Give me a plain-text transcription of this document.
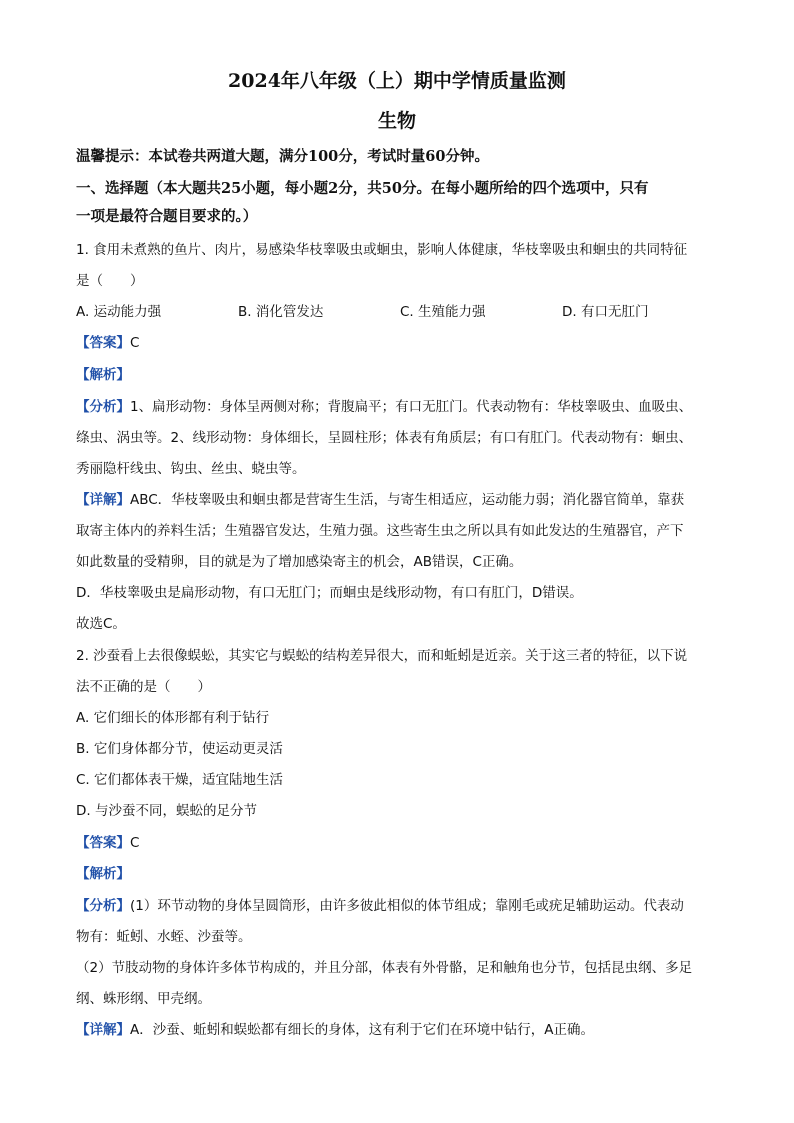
2024年八年级（上）期中学情质量监测
生物
温馨提示：本试卷共两道大题，满分100分，考试时量60分钟。
一、选择题（本大题共25小题，每小题2分，共50分。在每小题所给的四个选项中，只有
一项是最符合题目要求的。）
1. 食用未煮熟的鱼片、肉片，易感染华枝睾吸虫或蛔虫，影响人体健康，华枝睾吸虫和蛔虫的共同特征
是（　　）
A. 运动能力强	B. 消化管发达	C. 生殖能力强	D. 有口无肛门
【答案】C
【解析】
【分析】1、扁形动物：身体呈两侧对称；背腹扁平；有口无肛门。代表动物有：华枝睾吸虫、血吸虫、
绦虫、涡虫等。2、线形动物：身体细长，呈圆柱形；体表有角质层；有口有肛门。代表动物有：蛔虫、
秀丽隐杆线虫、钩虫、丝虫、蛲虫等。
【详解】ABC．华枝睾吸虫和蛔虫都是营寄生生活，与寄生相适应，运动能力弱；消化器官简单，靠获
取寄主体内的养料生活；生殖器官发达，生殖力强。这些寄生虫之所以具有如此发达的生殖器官，产下
如此数量的受精卵，目的就是为了增加感染寄主的机会，AB错误，C正确。
D．华枝睾吸虫是扁形动物，有口无肛门；而蛔虫是线形动物，有口有肛门，D错误。
故选C。
2. 沙蚕看上去很像蜈蚣，其实它与蜈蚣的结构差异很大，而和蚯蚓是近亲。关于这三者的特征，以下说
法不正确的是（　　）
A. 它们细长的体形都有利于钻行
B. 它们身体都分节，使运动更灵活
C. 它们都体表干燥，适宜陆地生活
D. 与沙蚕不同，蜈蚣的足分节
【答案】C
【解析】
【分析】(1）环节动物的身体呈圆筒形，由许多彼此相似的体节组成；靠刚毛或疣足辅助运动。代表动
物有：蚯蚓、水蛭、沙蚕等。
（2）节肢动物的身体许多体节构成的，并且分部，体表有外骨骼，足和触角也分节，包括昆虫纲、多足
纲、蛛形纲、甲壳纲。
【详解】A．沙蚕、蚯蚓和蜈蚣都有细长的身体，这有利于它们在环境中钻行，A正确。
